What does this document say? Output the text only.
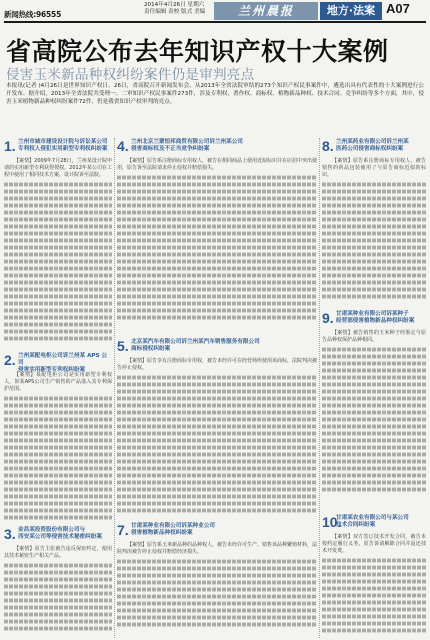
新闻热线:96555
2014年4月26日 星期六
责任编辑 责校 版式 美编	兰州晨报	地方·法案 A07
省高院公布去年知识产权十大案例
侵害玉米新品种权纠纷案件仍是审判亮点
本报讯(记者 )4月26日是世界知识产权日。26日，省高院召开新闻发布会，从2013年全省法院审结的273个知识产权民事案件中，遴选出具有代表性的十大案例进行公开发布。据介绍，2013年全省法院共受理一、二审知识产权民事案件273件，涉及专利权、著作权、商标权、植物新品种权、技术合同、竞争纠纷等多个方面，其中，侵害玉米植物新品种权纠纷案件72件，仍是我省知识产权审判的亮点。
1. 兰州市城市建设设计院与诉讼某公司
专利权人侵犯实用新型专利权纠纷案

【案情】2009年7月28日，兰州某设计院申请的实用新型专利获得授权，2012年某公司在工程中使用了相同技术方案，设计院诉至法院。

2. 兰州某配电柜公司诉兰州某 APS 公司
侵害实用新型专利权纠纷案

【案情】某配电柜公司是实用新型专利权人，诉某APS公司生产销售的产品落入其专利保护范围。

3. 金昌某投资股份有限公司与
西安某公司等侵害技术秘密纠纷案

【案情】原告主张被告违反保密约定，使用其技术秘密生产相关产品。

4. 兰州北京兰蒙恒邦商贸有限公司诉兰州某公司
侵害商标权及不正当竞争纠纷案

【案情】原告系注册商标专用权人，被告在相同商品上使用近似标识并在店招中突出使用，原告诉至法院请求停止侵权并赔偿损失。

5. 北京某汽车有限公司诉兰州某汽车销售服务有限公司
商标侵权纠纷案

【案情】原告享有注册商标专用权，被告未经许可在经营场所使用该商标，法院判决被告停止侵权。

7. 甘肃某种业有限公司诉某种业公司
侵害植物新品种权纠纷案

【案情】原告系玉米新品种的品种权人，被告未经许可生产、销售该品种繁殖材料，法院判决被告停止侵权并赔偿经济损失。

8. 兰州某药业有限公司诉兰州某
医药公司侵害商标权纠纷案

【案情】原告系注册商标专用权人，被告销售的药品包装使用了与原告商标近似的标识。

9. 甘肃某种业有限公司诉某种子
经营部侵害植物新品种权纠纷案

【案情】被告销售的玉米种子经鉴定与原告品种权保护品种相同。

10.
甘肃某农业有限公司与某公司
技术合同纠纷案

【案情】双方签订技术开发合同，被告未按约定履行义务，原告诉请解除合同并返还技术开发费。
